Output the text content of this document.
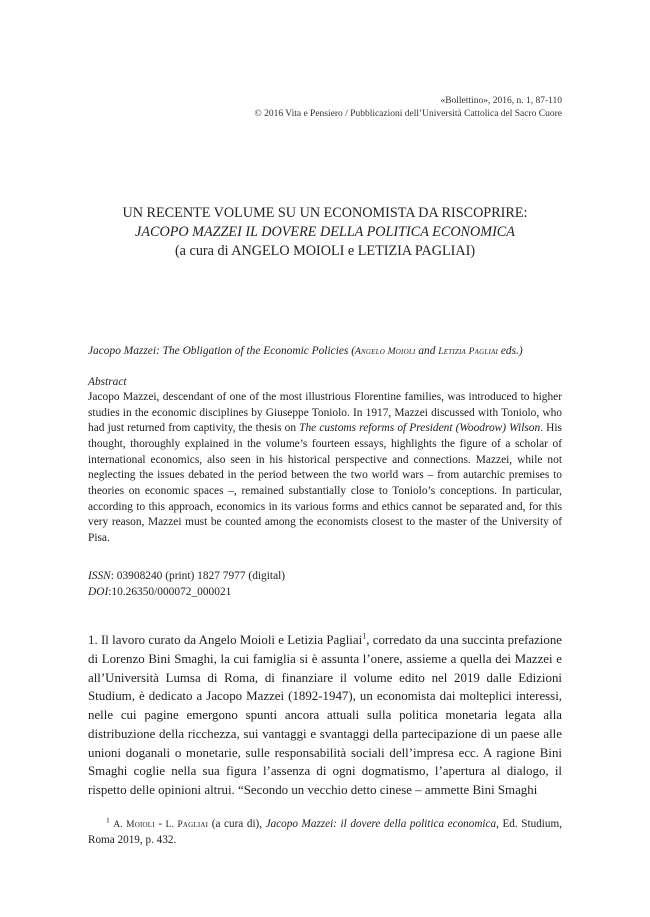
«Bollettino», 2016, n. 1, 87-110
© 2016 Vita e Pensiero / Pubblicazioni dell’Università Cattolica del Sacro Cuore
UN RECENTE VOLUME SU UN ECONOMISTA DA RISCOPRIRE:
JACOPO MAZZEI IL DOVERE DELLA POLITICA ECONOMICA
(a cura di ANGELO MOIOLI e LETIZIA PAGLIAI)
Jacopo Mazzei: The Obligation of the Economic Policies (Angelo Moioli and Letizia Pagliai eds.)
Abstract
Jacopo Mazzei, descendant of one of the most illustrious Florentine families, was introduced to higher studies in the economic disciplines by Giuseppe Toniolo. In 1917, Mazzei discussed with Toniolo, who had just returned from captivity, the thesis on The customs reforms of President (Woodrow) Wilson. His thought, thoroughly explained in the volume’s fourteen essays, highlights the figure of a scholar of international economics, also seen in his historical perspective and connections. Mazzei, while not neglecting the issues debated in the period between the two world wars – from autarchic premises to theories on economic spaces –, remained substantially close to Toniolo’s conceptions. In particular, according to this approach, economics in its various forms and ethics cannot be separated and, for this very reason, Mazzei must be counted among the economists closest to the master of the University of Pisa.
ISSN: 03908240 (print) 1827 7977 (digital)
DOI:10.26350/000072_000021
1. Il lavoro curato da Angelo Moioli e Letizia Pagliai$^1$, corredato da una succinta prefazione di Lorenzo Bini Smaghi, la cui famiglia si è assunta l’onere, assieme a quella dei Mazzei e all’Università Lumsa di Roma, di finanziare il volume edito nel 2019 dalle Edizioni Studium, è dedicato a Jacopo Mazzei (1892-1947), un economista dai molteplici interessi, nelle cui pagine emergono spunti ancora attuali sulla politica monetaria legata alla distribuzione della ricchezza, sui vantaggi e svantaggi della partecipazione di un paese alle unioni doganali o monetarie, sulle responsabilità sociali dell’impresa ecc. A ragione Bini Smaghi coglie nella sua figura l’assenza di ogni dogmatismo, l’apertura al dialogo, il rispetto delle opinioni altrui. “Secondo un vecchio detto cinese – ammette Bini Smaghi
$^1$ A. Moioli - L. Pagliai (a cura di), Jacopo Mazzei: il dovere della politica economica, Ed. Studium, Roma 2019, p. 432.
